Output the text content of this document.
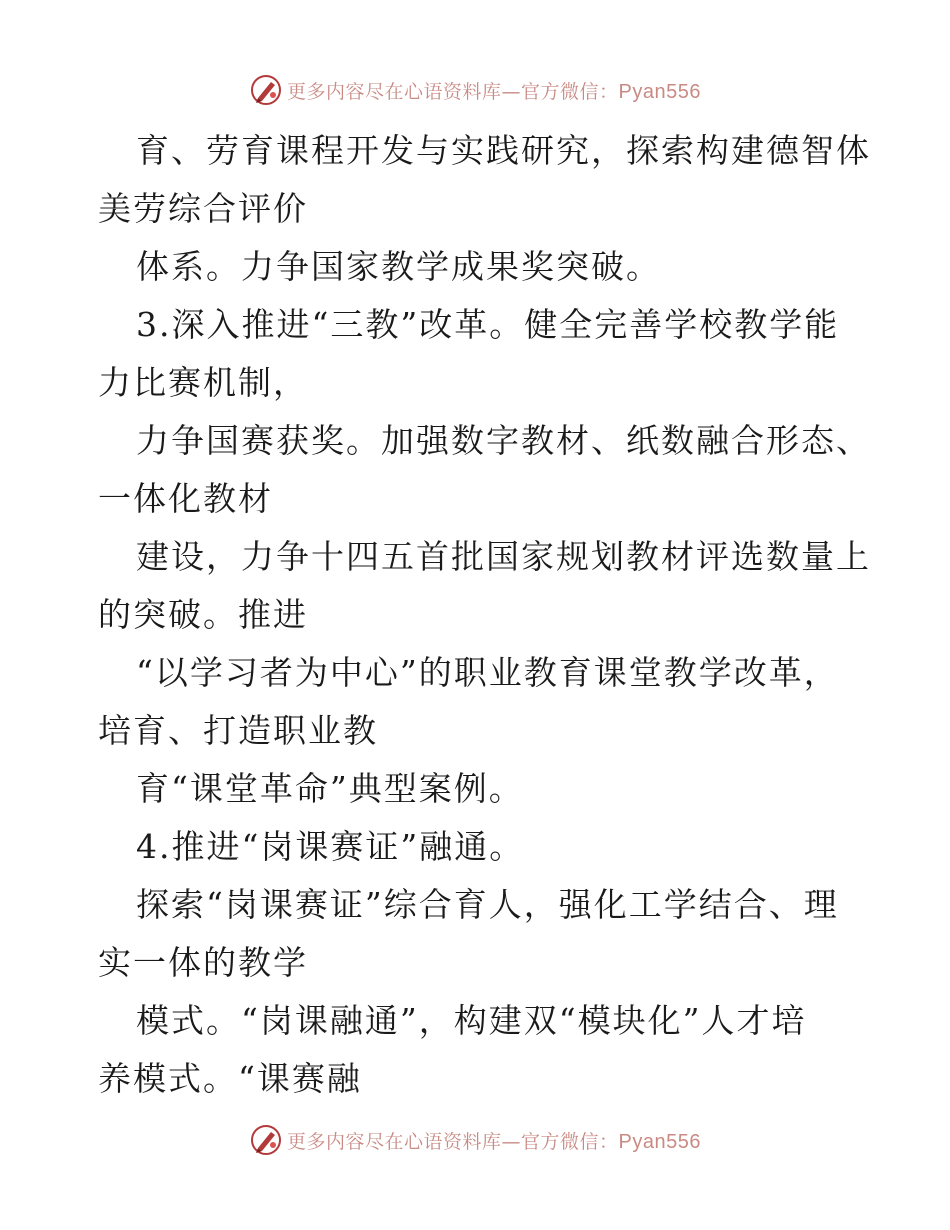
更多内容尽在心语资料库—官方微信：Pyan556
育、劳育课程开发与实践研究，探索构建德智体
美劳综合评价
体系。力争国家教学成果奖突破。
3.深入推进“三教”改革。健全完善学校教学能
力比赛机制，
力争国赛获奖。加强数字教材、纸数融合形态、
一体化教材
建设，力争十四五首批国家规划教材评选数量上
的突破。推进
“以学习者为中心”的职业教育课堂教学改革，
培育、打造职业教
育“课堂革命”典型案例。
4.推进“岗课赛证”融通。
探索“岗课赛证”综合育人，强化工学结合、理
实一体的教学
模式。“岗课融通”，构建双“模块化”人才培
养模式。“课赛融
更多内容尽在心语资料库—官方微信：Pyan556
